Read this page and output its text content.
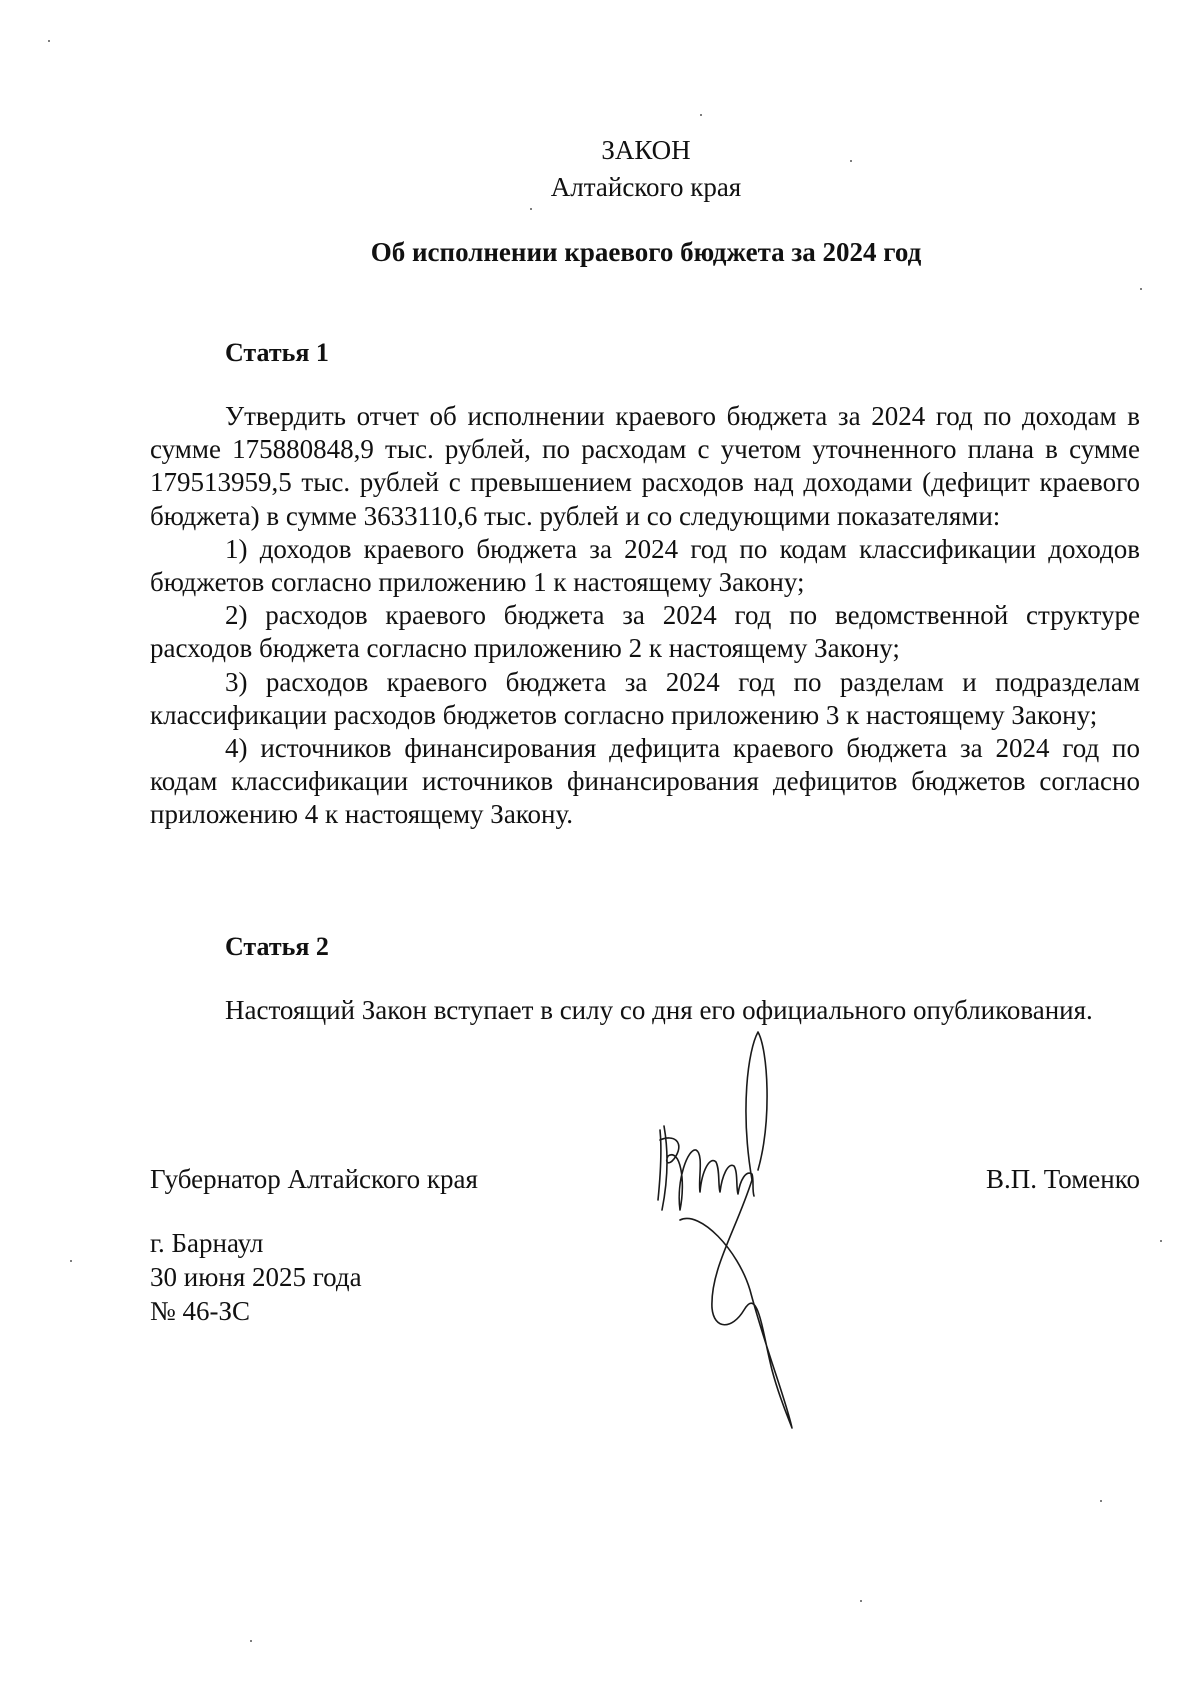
ЗАКОН
Алтайского края
Об исполнении краевого бюджета за 2024 год
Статья 1

Утвердить отчет об исполнении краевого бюджета за 2024 год по доходам в сумме 175880848,9 тыс. рублей, по расходам с учетом уточненного плана в сумме 179513959,5 тыс. рублей с превышением расходов над доходами (дефицит краевого бюджета) в сумме 3633110,6 тыс. рублей и со следующими показателями:

1) доходов краевого бюджета за 2024 год по кодам классификации доходов бюджетов согласно приложению 1 к настоящему Закону;

2) расходов краевого бюджета за 2024 год по ведомственной структуре расходов бюджета согласно приложению 2 к настоящему Закону;

3) расходов краевого бюджета за 2024 год по разделам и подразделам классификации расходов бюджетов согласно приложению 3 к настоящему Закону;

4) источников финансирования дефицита краевого бюджета за 2024 год по кодам классификации источников финансирования дефицитов бюджетов согласно приложению 4 к настоящему Закону.

Статья 2

Настоящий Закон вступает в силу со дня его официального опубликования.

Губернатор Алтайского края	В.П. Томенко
г. Барнаул
30 июня 2025 года
№ 46-ЗС
